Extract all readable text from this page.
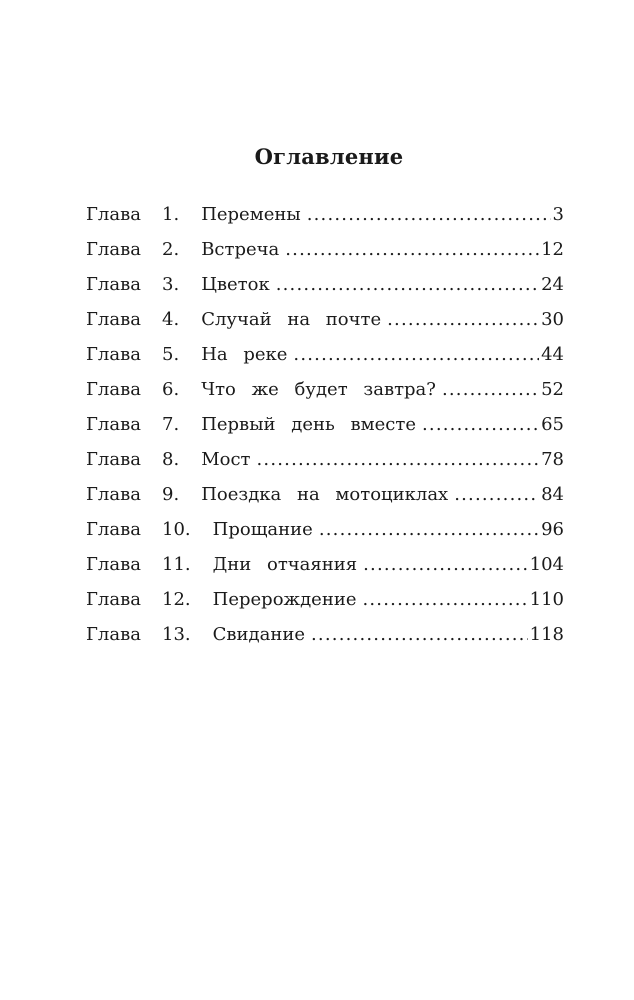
Оглавление
Глава	1.	Перемены .....	3
Глава	2.	Встреча .....	12
Глава	3.	Цветок .....	24
Глава	4.	Случай на почте .....	30
Глава	5.	На реке .....	44
Глава	6.	Что же будет завтра? .....	52
Глава	7.	Первый день вместе .....	65
Глава	8.	Мост .....	78
Глава	9.	Поездка на мотоциклах .....	84
Глава	10.	Прощание .....	96
Глава	11.	Дни отчаяния .....	104
Глава	12.	Перерождение .....	110
Глава	13.	Свидание .....	118
